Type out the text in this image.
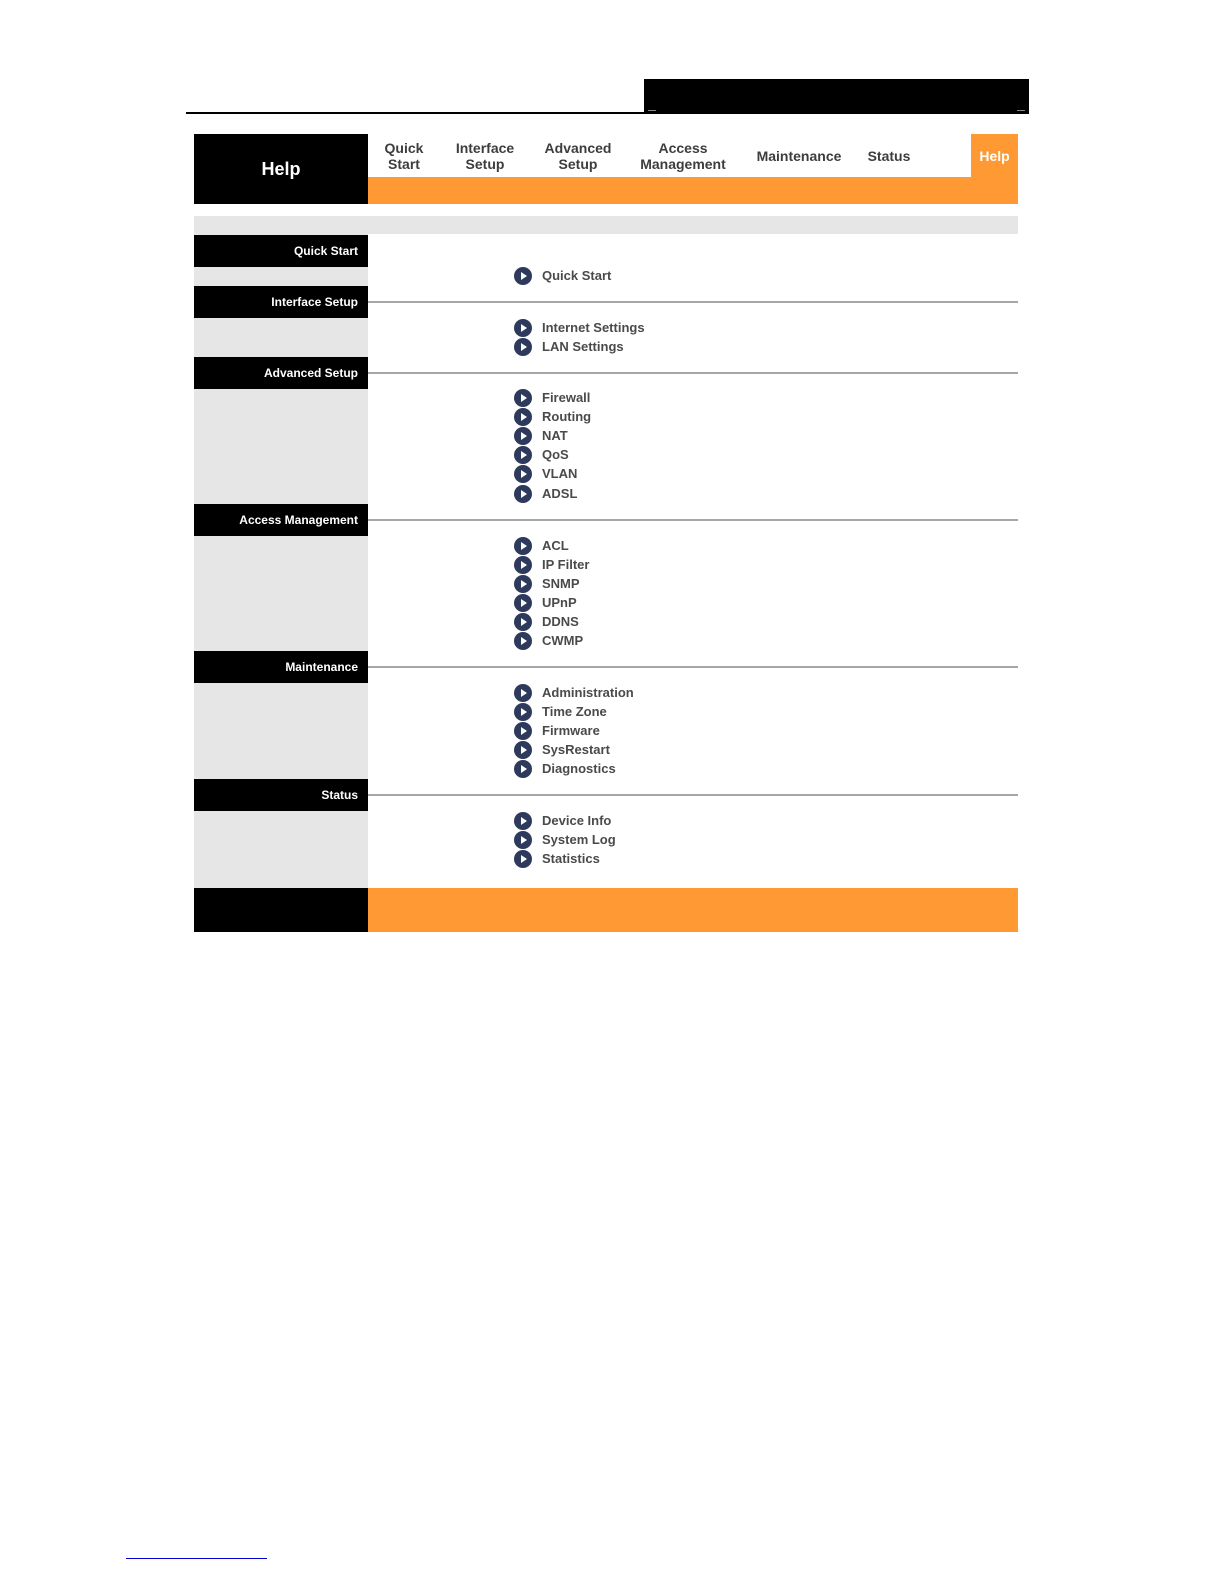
Help
Quick
Start
Interface
Setup
Advanced
Setup
Access
Management Maintenance Status	Help
Quick Start
Interface Setup
Advanced Setup
Access Management
Maintenance
Status
Quick Start
Internet Settings
LAN Settings
Firewall
Routing
NAT
QoS
VLAN
ADSL
ACL
IP Filter
SNMP
UPnP
DDNS
CWMP
Administration
Time Zone
Firmware
SysRestart
Diagnostics
Device Info
System Log
Statistics
